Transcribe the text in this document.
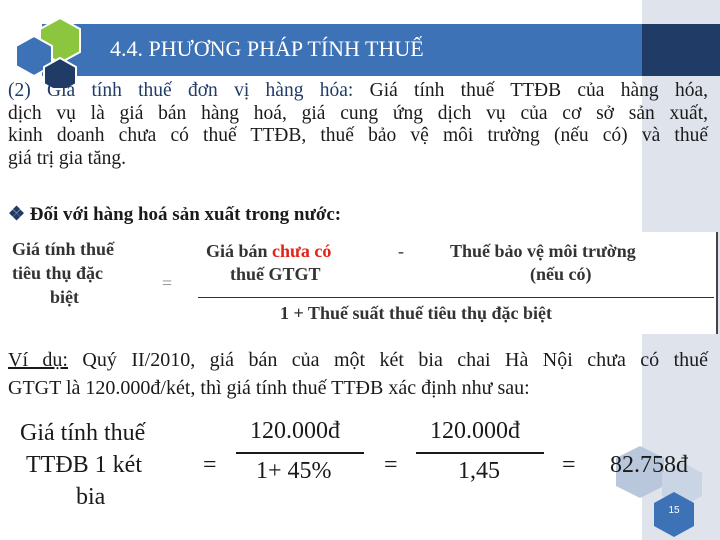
4.4. PHƯƠNG PHÁP TÍNH THUẾ
(2) Giá tính thuế đơn vị hàng hóa: Giá tính thuế TTĐB của hàng hóa,
dịch vụ là giá bán hàng hoá, giá cung ứng dịch vụ của cơ sở sản xuất,
kinh doanh chưa có thuế TTĐB, thuế bảo vệ môi trường (nếu có) và thuế
giá trị gia tăng.
❖ Đối với hàng hoá sản xuất trong nước:
Giá tính thuế
tiêu thụ đặc
biệt
=
Giá bán chưa có
thuế GTGT
-	Thuế bảo vệ môi trường
(nếu có)
1 + Thuế suất thuế tiêu thụ đặc biệt
Ví dụ: Quý II/2010, giá bán của một két bia chai Hà Nội chưa có thuế
GTGT là 120.000đ/két, thì giá tính thuế TTĐB xác định như sau:
Giá tính thuế
TTĐB 1 két
bia
=
120.000đ
1+ 45% =
120.000đ
1,45	= 82.758đ
15
